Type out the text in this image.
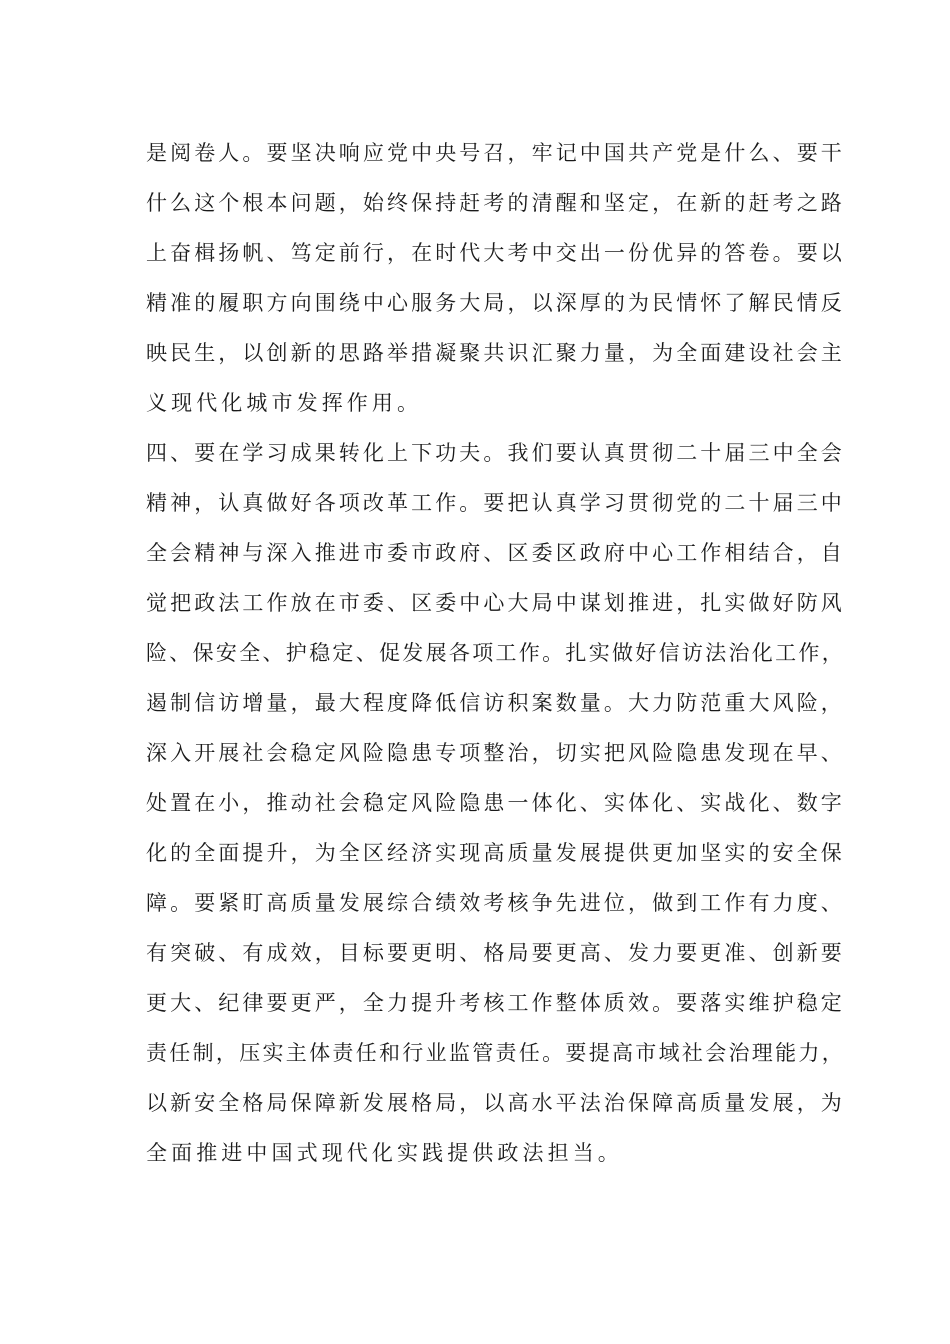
是阅卷人。要坚决响应党中央号召，牢记中国共产党是什么、要干
什么这个根本问题，始终保持赶考的清醒和坚定，在新的赶考之路
上奋楫扬帆、笃定前行，在时代大考中交出一份优异的答卷。要以
精准的履职方向围绕中心服务大局，以深厚的为民情怀了解民情反
映民生，以创新的思路举措凝聚共识汇聚力量，为全面建设社会主
义现代化城市发挥作用。
四、要在学习成果转化上下功夫。我们要认真贯彻二十届三中全会
精神，认真做好各项改革工作。要把认真学习贯彻党的二十届三中
全会精神与深入推进市委市政府、区委区政府中心工作相结合，自
觉把政法工作放在市委、区委中心大局中谋划推进，扎实做好防风
险、保安全、护稳定、促发展各项工作。扎实做好信访法治化工作，
遏制信访增量，最大程度降低信访积案数量。大力防范重大风险，
深入开展社会稳定风险隐患专项整治，切实把风险隐患发现在早、
处置在小，推动社会稳定风险隐患一体化、实体化、实战化、数字
化的全面提升，为全区经济实现高质量发展提供更加坚实的安全保
障。要紧盯高质量发展综合绩效考核争先进位，做到工作有力度、
有突破、有成效，目标要更明、格局要更高、发力要更准、创新要
更大、纪律要更严，全力提升考核工作整体质效。要落实维护稳定
责任制，压实主体责任和行业监管责任。要提高市域社会治理能力，
以新安全格局保障新发展格局，以高水平法治保障高质量发展，为
全面推进中国式现代化实践提供政法担当。
